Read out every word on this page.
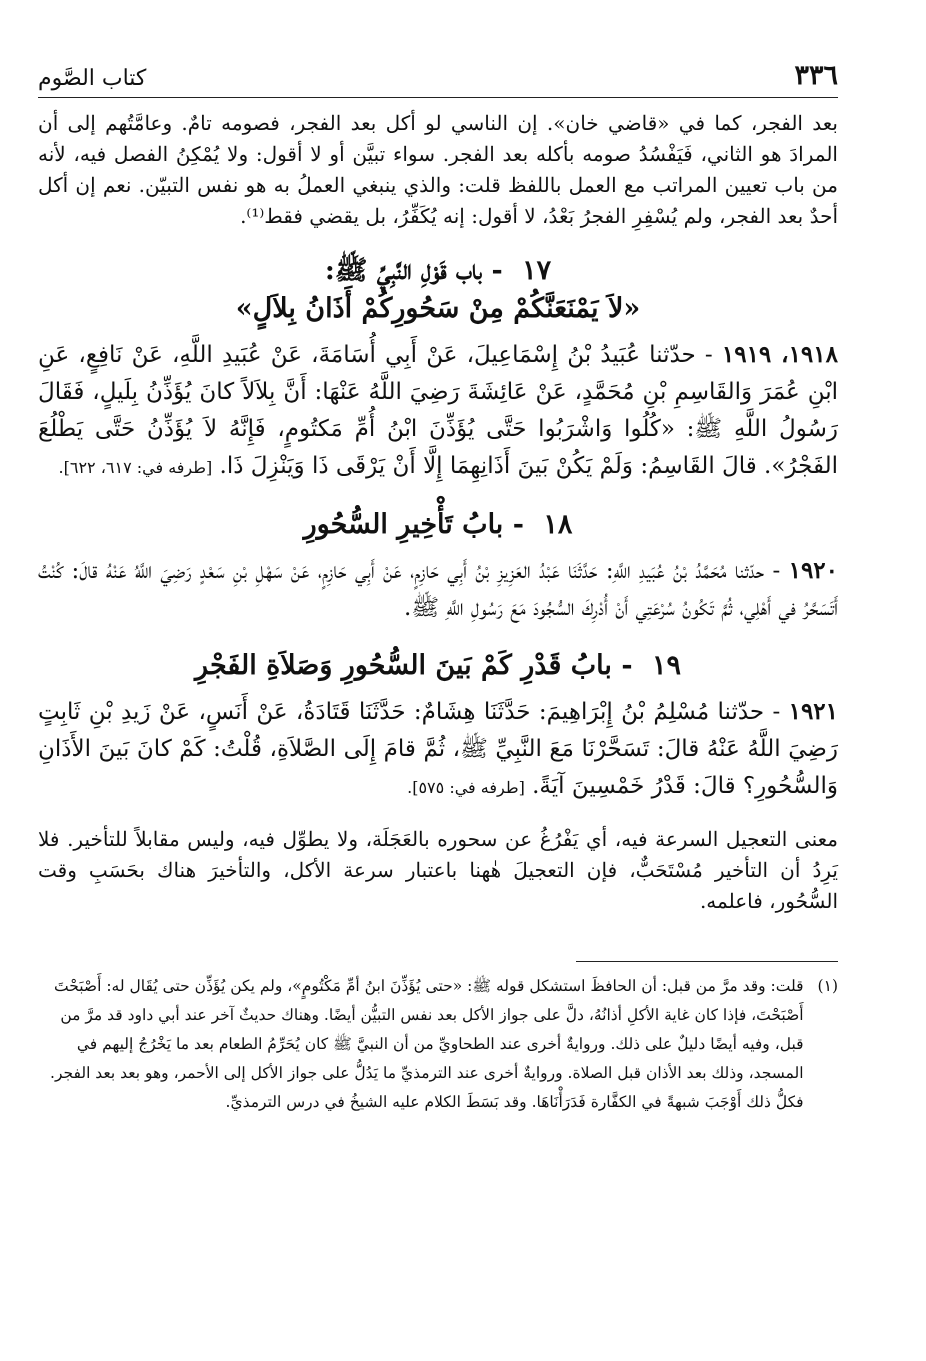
٣٣٦
كتاب الصَّوم

بعد الفجر، كما في «قاضي خان». إن الناسي لو أكل بعد الفجر، فصومه تامٌ. وعامَّتُهم إلى أن المرادَ هو الثاني، فَيَفْسُدُ صومه بأكله بعد الفجر. سواء تبيَّن أو لا أقول: ولا يُمْكِنُ الفصل فيه، لأنه من باب تعيين المراتب مع العمل باللفظ قلت: والذي ينبغي العملُ به هو نفس التبيّن. نعم إن أكل أحدٌ بعد الفجر، ولم يُسْفِرِ الفجرُ بَعْدُ، لا أقول: إنه يُكَفِّرُ، بل يقضي فقط⁽¹⁾.

١٧ - باب قَوْلِ النَّبِيِّ ﷺ:
«لاَ يَمْنَعَنَّكُمْ مِنْ سَحُورِكُمْ أَذَانُ بِلاَلٍ»

١٩١٨، ١٩١٩ - حدّثنا عُبَيدُ بْنُ إِسْمَاعِيلَ، عَنْ أَبِي أُسَامَةَ، عَنْ عُبَيدِ اللَّهِ، عَنْ نَافِعٍ، عَنِ ابْنِ عُمَرَ وَالقَاسِمِ بْنِ مُحَمَّدٍ، عَنْ عَائِشَةَ رَضِيَ اللَّهُ عَنْهَا: أَنَّ بِلاَلاً كانَ يُؤَذِّنُ بِلَيلٍ، فَقَالَ رَسُولُ اللَّهِ ﷺ: «كُلُوا وَاشْرَبُوا حَتَّى يُؤَذِّنَ ابْنُ أُمِّ مَكتُومٍ، فَإِنَّهُ لاَ يُؤَذِّنُ حَتَّى يَطْلُعَ الفَجْرُ». قالَ القَاسِمُ: وَلَمْ يَكُنْ بَينَ أَذَانِهِمَا إِلَّا أَنْ يَرْقَى ذَا وَيَنْزِلَ ذَا. [طرفه في: ٦١٧، ٦٢٢].

١٨ - بابُ تَأْخِيرِ السُّحُورِ

١٩٢٠ - حدّثنا مُحَمَّدُ بْنُ عُبَيدِ اللَّهِ: حَدَّثَنَا عَبْدُ العَزِيزِ بْنُ أَبِي حَازِمٍ، عَنْ أَبِي حَازِمٍ، عَنْ سَهْلِ بْنِ سَعْدٍ رَضِيَ اللَّهُ عَنْهُ قالَ: كُنْتُ أَتَسَحَّرُ في أَهْلِي، ثُمَّ تَكُونُ سُرْعَتِي أَنْ أُدْرِكَ السُّجُودَ مَعَ رَسُولِ اللَّهِ ﷺ.

١٩ - بابُ قَدْرِ كَمْ بَينَ السُّحُورِ وَصَلاَةِ الفَجْرِ

١٩٢١ - حدّثنا مُسْلِمُ بْنُ إِبْرَاهِيمَ: حَدَّثَنَا هِشَامٌ: حَدَّثَنَا قَتَادَةُ، عَنْ أَنَسٍ، عَنْ زَيدِ بْنِ ثَابِتٍ رَضِيَ اللَّهُ عَنْهُ قالَ: تَسَحَّرْنَا مَعَ النَّبِيِّ ﷺ، ثُمَّ قامَ إِلَى الصَّلاَةِ، قُلْتُ: كَمْ كانَ بَينَ الأَذَانِ وَالسُّحُورِ؟ قالَ: قَدْرُ خَمْسِينَ آيَةً. [طرفه في: ٥٧٥].

معنى التعجيل السرعة فيه، أي يَفْرُغُ عن سحوره بالعَجَلَة، ولا يطوِّل فيه، وليس مقابلاً للتأخير. فلا يَرِدُ أن التأخير مُسْتَحَبٌّ، فإن التعجيلَ هٰهنا باعتبار سرعة الأكل، والتأخيرَ هناك بحَسَبِ وقت السُّحُور، فاعلمه.

(١)
قلت: وقد مرَّ من قبل: أن الحافظَ استشكل قوله ﷺ: «حتى يُؤَذِّنَ ابنُ أمِّ مَكْتُومٍ»، ولم يكن يُؤَذِّن حتى يُقَال له: أَصْبَحْتَ أَصْبَحْتَ، فإذا كان غاية الأكلِ أذانُهُ، دلَّ على جواز الأكل بعد نفس التبيُّن أيضًا. وهناك حديثٌ آخر عند أبي داود قد مرَّ من قبل، وفيه أيضًا دليلٌ على ذلك. وروايةٌ أخرى عند الطحاويِّ من أن النبيَّ ﷺ كان يُحَرِّمُ الطعام بعد ما يَخْرُجُ إليهم في المسجد، وذلك بعد الأذان قبل الصلاة. وروايةٌ أخرى عند الترمذيِّ ما يَدُلُّ على جواز الأكل إلى الأحمر، وهو بعد بعد الفجر. فكلُّ ذلك أَوْجَبَ شبهةً في الكفَّارة فَدَرَأْنَاهَا. وقد بَسَطَ الكلام عليه الشيخُ في درس الترمذيِّ.
